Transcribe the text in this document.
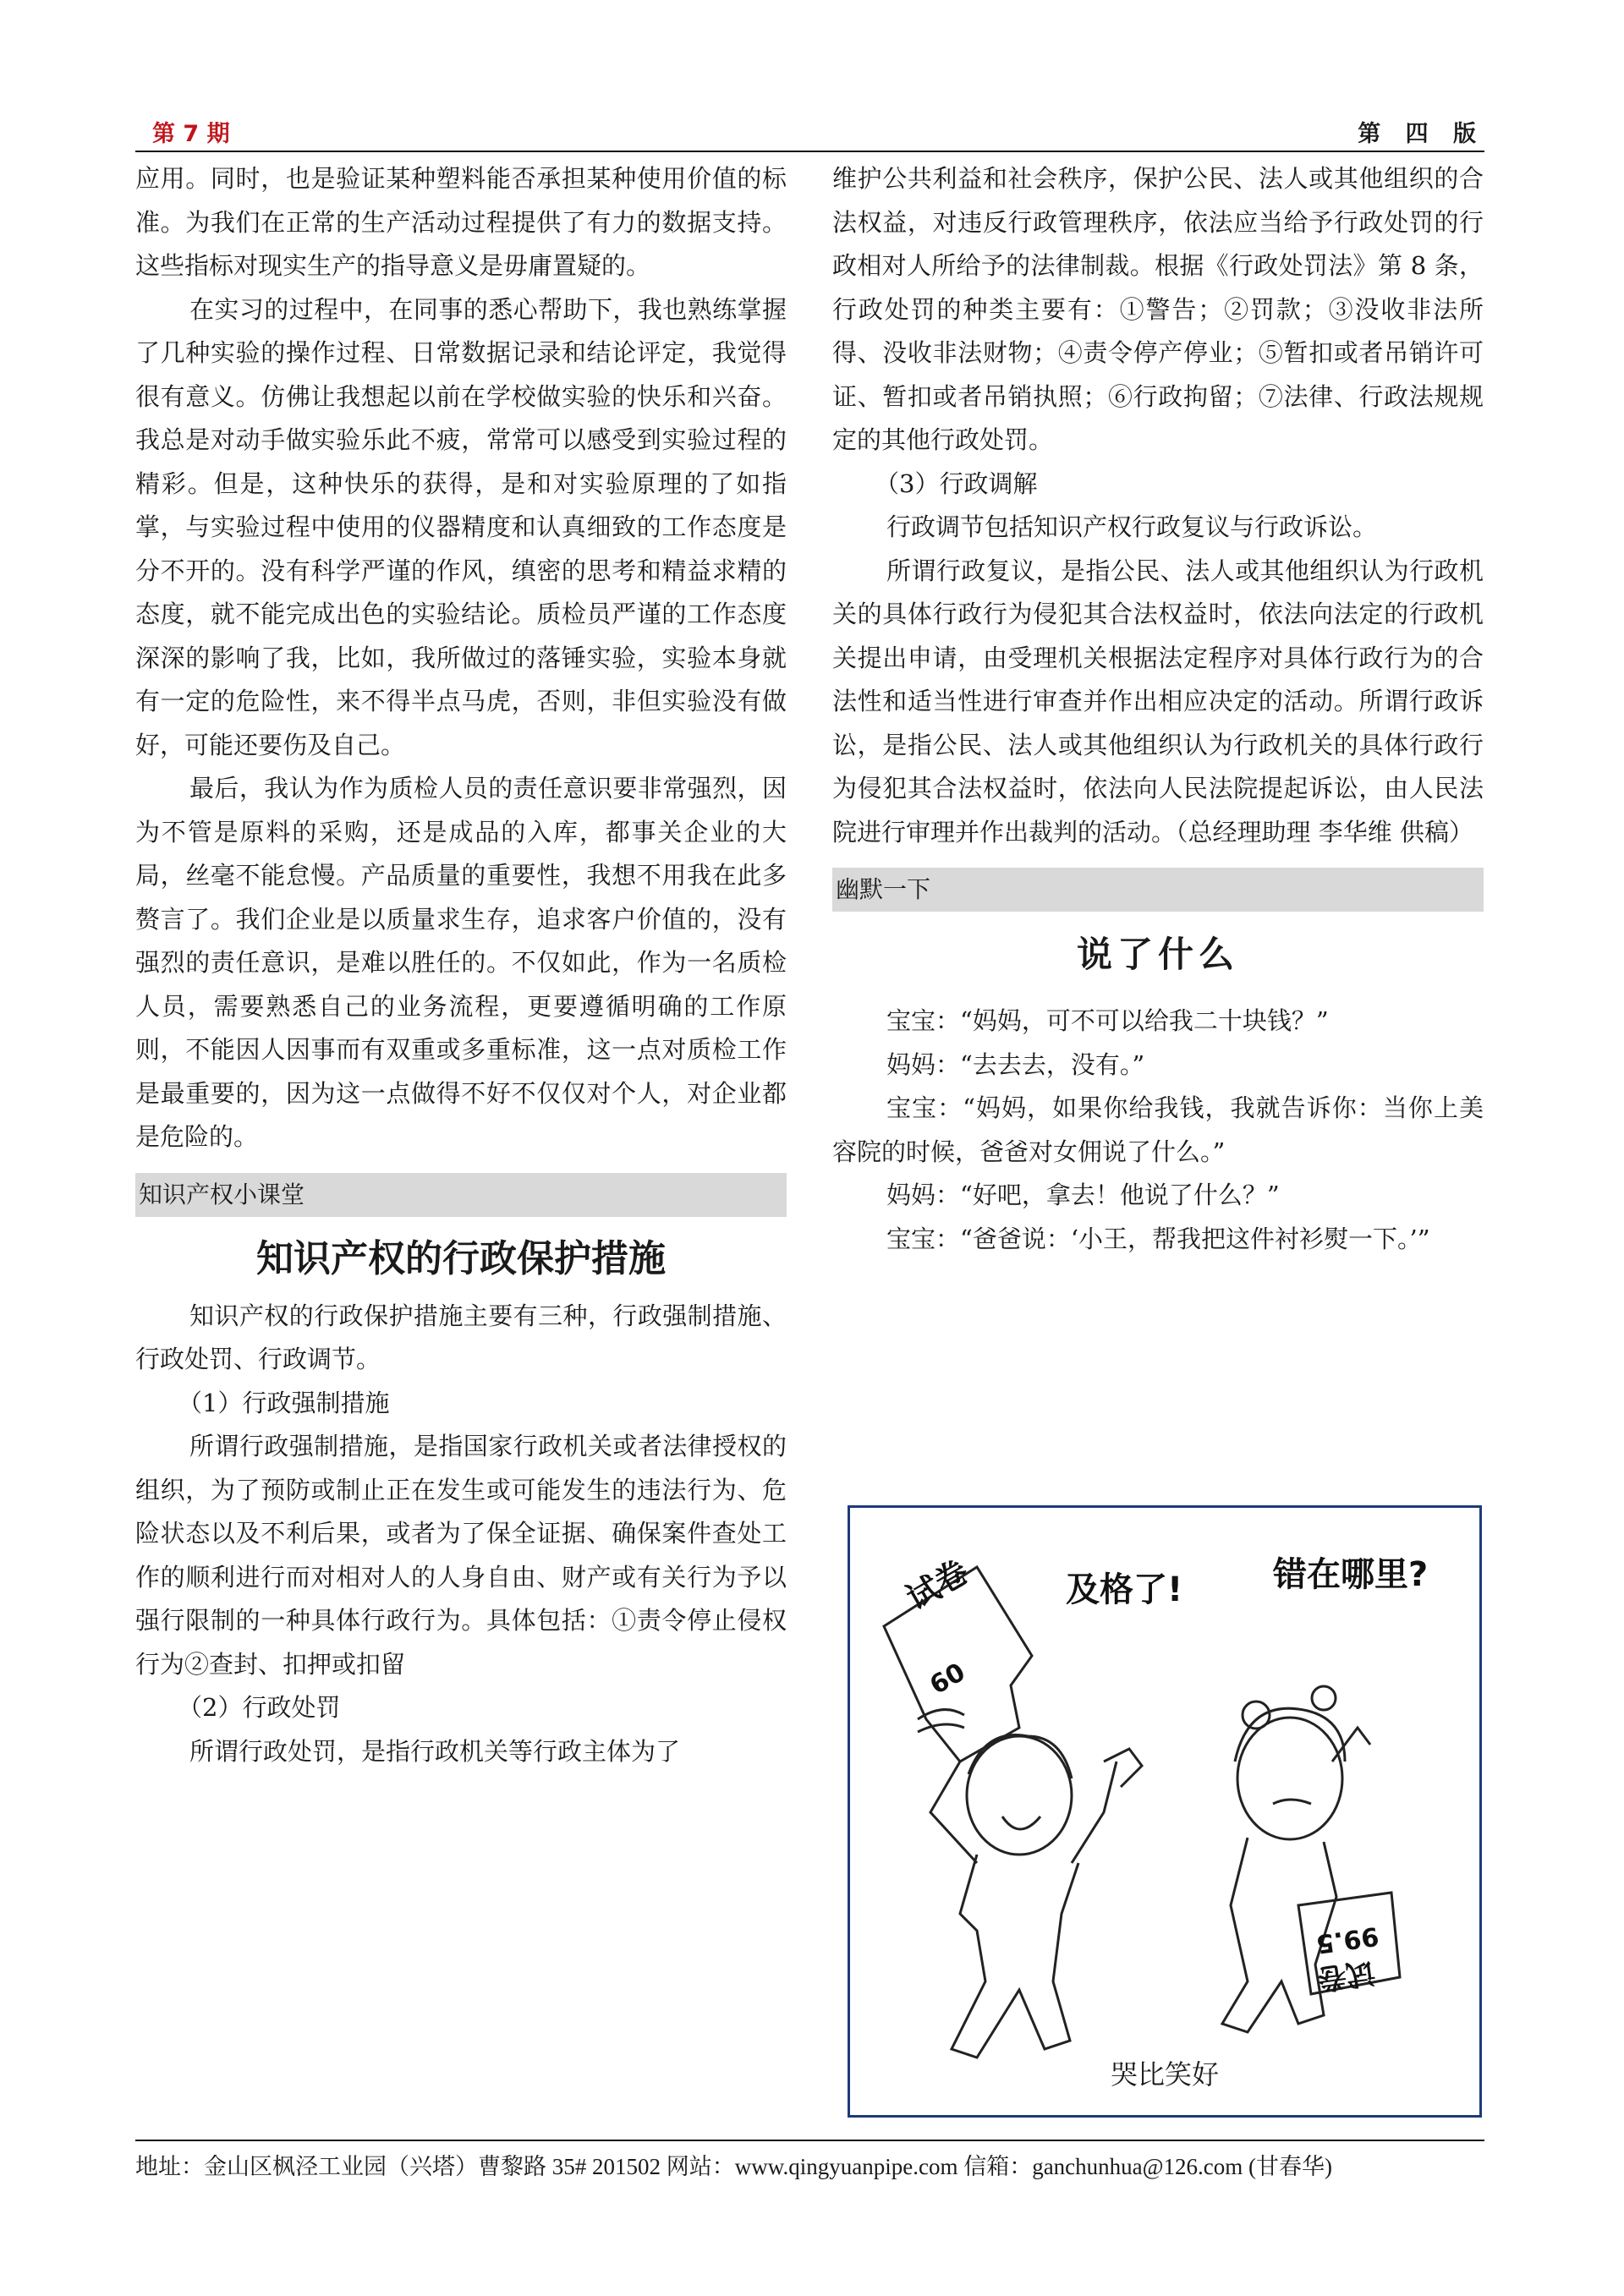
第 7 期	第 四 版

应用。同时，也是验证某种塑料能否承担某种使用价值的标准。为我们在正常的生产活动过程提供了有力的数据支持。这些指标对现实生产的指导意义是毋庸置疑的。

在实习的过程中，在同事的悉心帮助下，我也熟练掌握了几种实验的操作过程、日常数据记录和结论评定，我觉得很有意义。仿佛让我想起以前在学校做实验的快乐和兴奋。我总是对动手做实验乐此不疲，常常可以感受到实验过程的精彩。但是，这种快乐的获得，是和对实验原理的了如指掌，与实验过程中使用的仪器精度和认真细致的工作态度是分不开的。没有科学严谨的作风，缜密的思考和精益求精的态度，就不能完成出色的实验结论。质检员严谨的工作态度深深的影响了我，比如，我所做过的落锤实验，实验本身就有一定的危险性，来不得半点马虎，否则，非但实验没有做好，可能还要伤及自己。

最后，我认为作为质检人员的责任意识要非常强烈，因为不管是原料的采购，还是成品的入库，都事关企业的大局，丝毫不能怠慢。产品质量的重要性，我想不用我在此多赘言了。我们企业是以质量求生存，追求客户价值的，没有强烈的责任意识，是难以胜任的。不仅如此，作为一名质检人员，需要熟悉自己的业务流程，更要遵循明确的工作原则，不能因人因事而有双重或多重标准，这一点对质检工作是最重要的，因为这一点做得不好不仅仅对个人，对企业都是危险的。

知识产权小课堂
知识产权的行政保护措施

知识产权的行政保护措施主要有三种，行政强制措施、行政处罚、行政调节。

（1）行政强制措施

所谓行政强制措施，是指国家行政机关或者法律授权的组织，为了预防或制止正在发生或可能发生的违法行为、危险状态以及不利后果，或者为了保全证据、确保案件查处工作的顺利进行而对相对人的人身自由、财产或有关行为予以强行限制的一种具体行政行为。具体包括：①责令停止侵权行为②查封、扣押或扣留

（2）行政处罚

所谓行政处罚，是指行政机关等行政主体为了

维护公共利益和社会秩序，保护公民、法人或其他组织的合法权益，对违反行政管理秩序，依法应当给予行政处罚的行政相对人所给予的法律制裁。根据《行政处罚法》第 8 条，行政处罚的种类主要有：①警告；②罚款；③没收非法所得、没收非法财物；④责令停产停业；⑤暂扣或者吊销许可证、暂扣或者吊销执照；⑥行政拘留；⑦法律、行政法规规定的其他行政处罚。

（3）行政调解

行政调节包括知识产权行政复议与行政诉讼。

所谓行政复议，是指公民、法人或其他组织认为行政机关的具体行政行为侵犯其合法权益时，依法向法定的行政机关提出申请，由受理机关根据法定程序对具体行政行为的合法性和适当性进行审查并作出相应决定的活动。所谓行政诉讼，是指公民、法人或其他组织认为行政机关的具体行政行为侵犯其合法权益时，依法向人民法院提起诉讼，由人民法院进行审理并作出裁判的活动。（总经理助理 李华维 供稿）

幽默一下
说了什么

宝宝：“妈妈，可不可以给我二十块钱？”

妈妈：“去去去，没有。”

宝宝：“妈妈，如果你给我钱，我就告诉你：当你上美容院的时候，爸爸对女佣说了什么。”

妈妈：“好吧，拿去！他说了什么？”

宝宝：“爸爸说：‘小王，帮我把这件衬衫熨一下。’”

试卷
60
及格了!	错在哪里?
99.5
试卷
哭比笑好
地址：金山区枫泾工业园（兴塔）曹黎路 35# 201502 网站：www.qingyuanpipe.com 信箱：ganchunhua@126.com (甘春华)
